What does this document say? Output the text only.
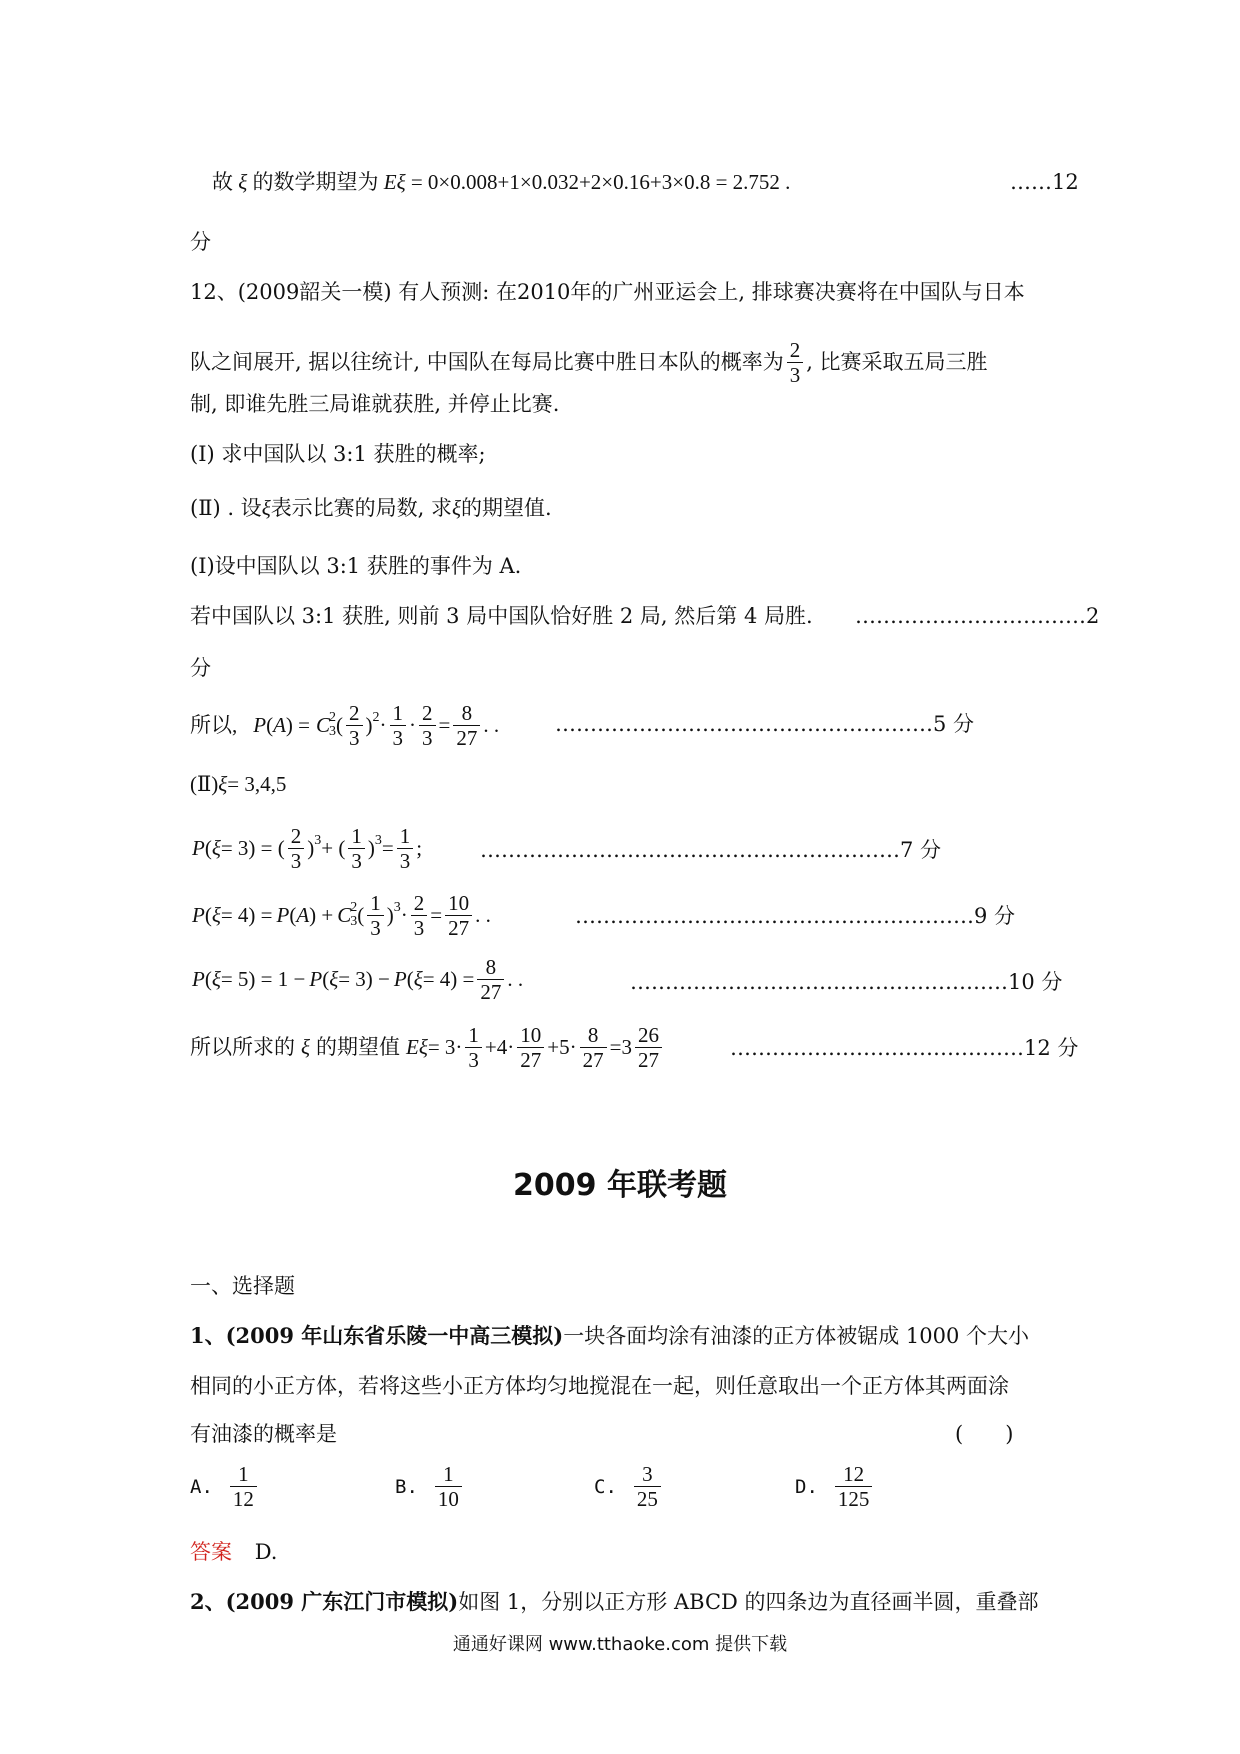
故 ξ 的数学期望为 Eξ = 0×0.008+1×0.032+2×0.16+3×0.8 = 2.752 .	……12
分
12、(2009韶关一模) 有人预测: 在2010年的广州亚运会上, 排球赛决赛将在中国队与日本
队之间展开, 据以往统计, 中国队在每局比赛中胜日本队的概率为 $\frac{2}{3}$ , 比赛采取五局三胜
制, 即谁先胜三局谁就获胜, 并停止比赛.
(Ⅰ) 求中国队以 3:1 获胜的概率;
(Ⅱ) . 设ξ表示比赛的局数, 求ξ的期望值.
(Ⅰ)设中国队以 3:1 获胜的事件为 A.
若中国队以 3:1 获胜, 则前 3 局中国队恰好胜 2 局, 然后第 4 局胜. ……………………………2
分
所以, P ( A ) = C 2
3 ( $\frac{2}{3} )^2 \cdot \frac{1}{3} \cdot \frac{2}{3} = \frac{8}{27}$ . .	………………………………………………5 分
(Ⅱ)ξ= 3,4,5
P ( ξ = 3) = ( $\frac{2}{3} )^3$ + ( $\frac{1}{3} )^3 = \frac{1}{3}$ ;	……………………………………………………7 分
P ( ξ = 4) = P ( A ) + C 2
3 ( $\frac{1}{3} )^3 \cdot \frac{2}{3} = \frac{10}{27}$ . .	…………………………………………………9 分
P ( ξ = 5) = 1 − P ( ξ = 3) − P ( $\xi = 4) = \frac{8}{27}$ . .	………………………………………………10 分
所以所求的 ξ 的期望值 $E\xi = 3\cdot \frac{1}{3} +4\cdot \frac{10}{27} +5\cdot \frac{8}{27} =3 \frac{26}{27}$	……………………………………12 分
2009 年联考题
一、选择题
1、(2009 年山东省乐陵一中高三模拟)一块各面均涂有油漆的正方体被锯成 1000 个大小
相同的小正方体，若将这些小正方体均匀地搅混在一起，则任意取出一个正方体其两面涂
有油漆的概率是	(　　)
A. $\frac{1}{12}$	B. $\frac{1}{10}$	C. $\frac{3}{25}$	D. $\frac{12}{125}$
答案 D.
2、(2009 广东江门市模拟)如图 1，分别以正方形 ABCD 的四条边为直径画半圆，重叠部
通通好课网 www.tthaoke.com 提供下载
